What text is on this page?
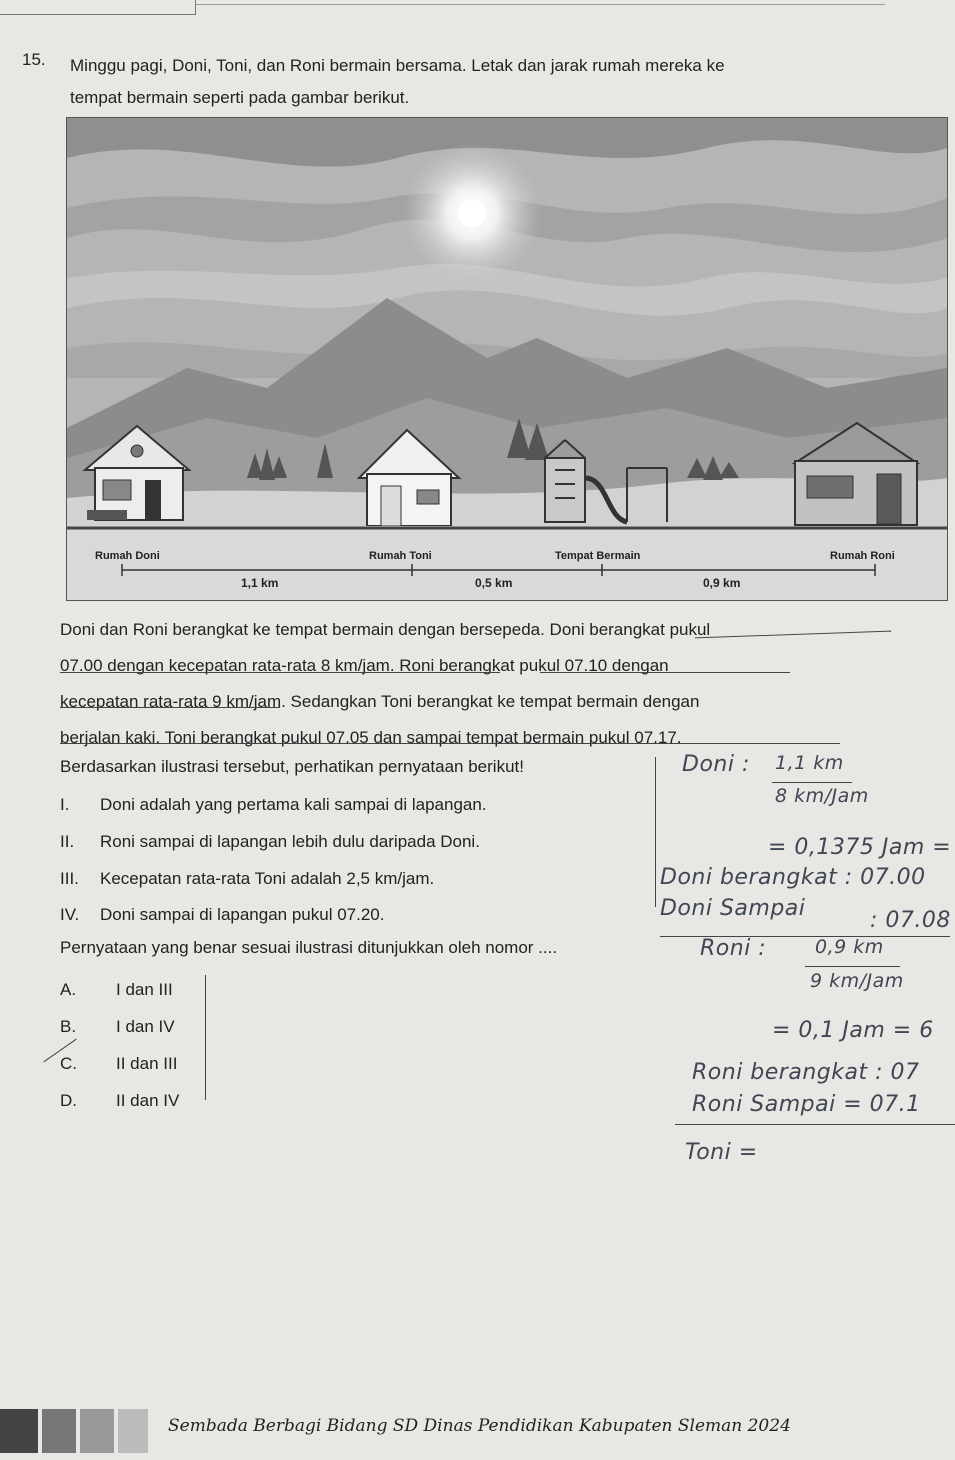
15. Minggu pagi, Doni, Toni, dan Roni bermain bersama. Letak dan jarak rumah mereka ke
tempat bermain seperti pada gambar berikut.
Rumah Doni	Rumah Toni	Tempat Bermain	Rumah Roni
1,1 km	0,5 km	0,9 km
Doni dan Roni berangkat ke tempat bermain dengan bersepeda. Doni berangkat pukul
07.00 dengan kecepatan rata-rata 8 km/jam. Roni berangkat pukul 07.10 dengan
kecepatan rata-rata 9 km/jam. Sedangkan Toni berangkat ke tempat bermain dengan
berjalan kaki. Toni berangkat pukul 07.05 dan sampai tempat bermain pukul 07.17.
Berdasarkan ilustrasi tersebut, perhatikan pernyataan berikut!
I. Doni adalah yang pertama kali sampai di lapangan.
II. Roni sampai di lapangan lebih dulu daripada Doni.
III. Kecepatan rata-rata Toni adalah 2,5 km/jam.
IV. Doni sampai di lapangan pukul 07.20.
Pernyataan yang benar sesuai ilustrasi ditunjukkan oleh nomor ....
A. I dan III
B. I dan IV
C. II dan III
D. II dan IV
Doni : 1,1 km
8 km/Jam
= 0,1375 Jam =
Doni berangkat : 07.00
Doni Sampai	: 07.08
Roni :	0,9 km
9 km/Jam
= 0,1 Jam = 6
Roni berangkat : 07
Roni Sampai = 07.1
Toni =
Sembada Berbagi Bidang SD Dinas Pendidikan Kabupaten Sleman 2024
